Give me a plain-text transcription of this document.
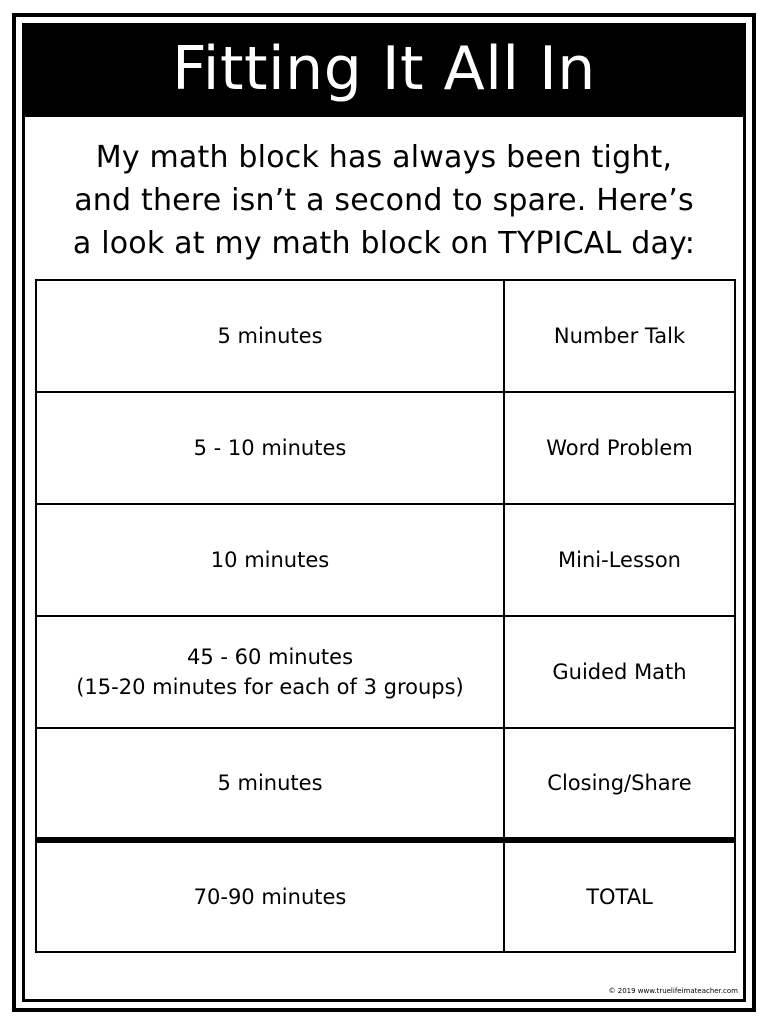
Fitting It All In
My math block has always been tight,
and there isn’t a second to spare. Here’s
a look at my math block on TYPICAL day:
5 minutes	Number Talk

5 - 10 minutes	Word Problem

10 minutes	Mini-Lesson

45 - 60 minutes
(15-20 minutes for each of 3 groups)	Guided Math

5 minutes	Closing/Share
70-90 minutes	TOTAL
© 2019 www.truelifeimateacher.com
